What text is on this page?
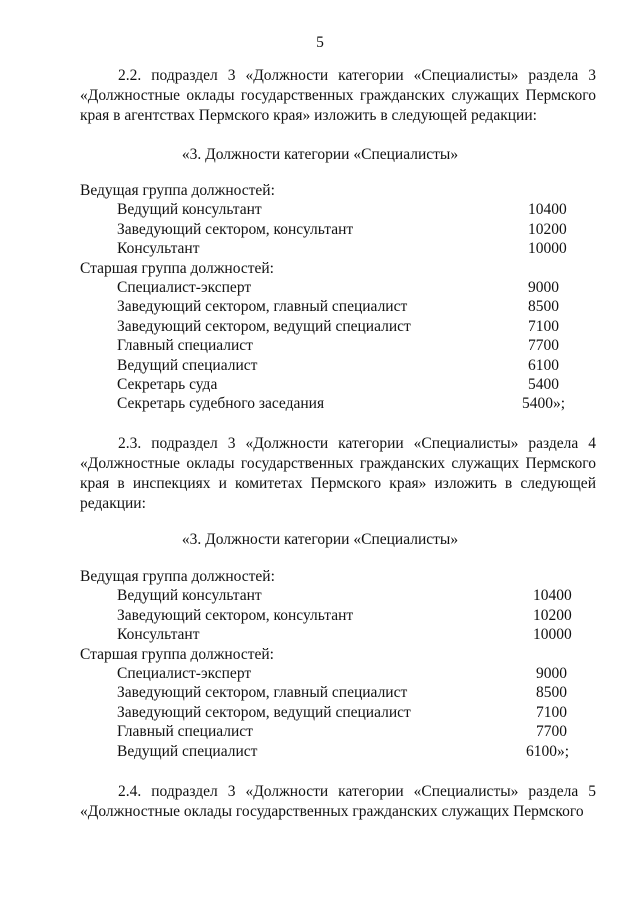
5
2.2. подраздел 3 «Должности категории «Специалисты» раздела 3 «Должностные оклады государственных гражданских служащих Пермского края в агентствах Пермского края» изложить в следующей редакции:
«3. Должности категории «Специалисты»
Ведущая группа должностей:
Ведущий консультант	10400
Заведующий сектором, консультант	10200
Консультант	10000
Старшая группа должностей:
Специалист-эксперт	9000
Заведующий сектором, главный специалист	8500
Заведующий сектором, ведущий специалист	7100
Главный специалист	7700
Ведущий специалист	6100
Секретарь суда	5400
Секретарь судебного заседания	5400»;
2.3. подраздел 3 «Должности категории «Специалисты» раздела 4 «Должностные оклады государственных гражданских служащих Пермского края в инспекциях и комитетах Пермского края» изложить в следующей редакции:
«3. Должности категории «Специалисты»
Ведущая группа должностей:
Ведущий консультант	10400
Заведующий сектором, консультант	10200
Консультант	10000
Старшая группа должностей:
Специалист-эксперт	9000
Заведующий сектором, главный специалист	8500
Заведующий сектором, ведущий специалист	7100
Главный специалист	7700
Ведущий специалист	6100»;
2.4. подраздел 3 «Должности категории «Специалисты» раздела 5 «Должностные оклады государственных гражданских служащих Пермского
